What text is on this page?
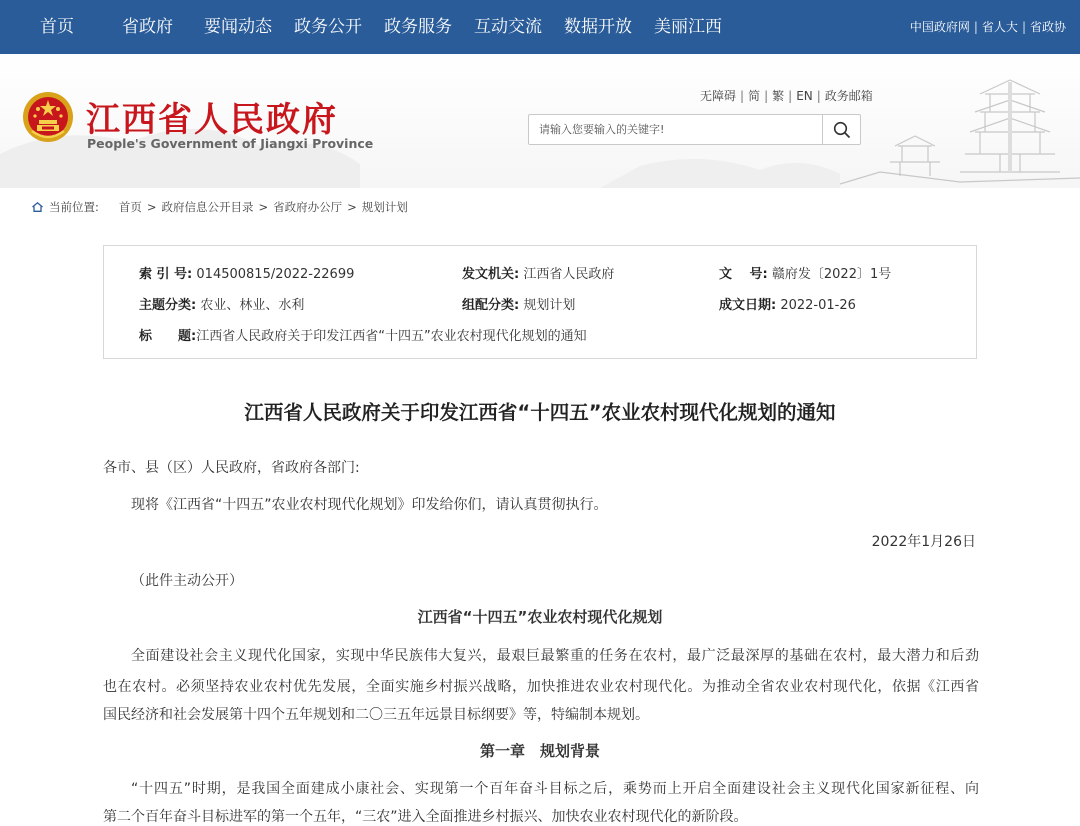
首页	省政府 要闻动态 政务公开 政务服务 互动交流 数据开放 美丽江西	中国政府网 | 省人大 | 省政协
江西省人民政府
People's Government of Jiangxi Province
无障碍 | 简 | 繁 | EN | 政务邮箱
请输入您要输入的关键字!
当前位置: 首页 > 政府信息公开目录 > 省政府办公厅 > 规划计划
索 引 号: 014500815/2022-22699	发文机关: 江西省人民政府	文　 号: 赣府发〔2022〕1号
主题分类: 农业、林业、水利	组配分类: 规划计划	成文日期: 2022-01-26
标　　题:江西省人民政府关于印发江西省“十四五”农业农村现代化规划的通知
江西省人民政府关于印发江西省“十四五”农业农村现代化规划的通知
各市、县（区）人民政府，省政府各部门:
现将《江西省“十四五”农业农村现代化规划》印发给你们，请认真贯彻执行。
2022年1月26日
（此件主动公开）
江西省“十四五”农业农村现代化规划
全面建设社会主义现代化国家，实现中华民族伟大复兴，最艰巨最繁重的任务在农村，最广泛最深厚的基础在农村，最大潜力和后劲
也在农村。必须坚持农业农村优先发展，全面实施乡村振兴战略，加快推进农业农村现代化。为推动全省农业农村现代化，依据《江西省
国民经济和社会发展第十四个五年规划和二〇三五年远景目标纲要》等，特编制本规划。
第一章　规划背景
“十四五”时期，是我国全面建成小康社会、实现第一个百年奋斗目标之后，乘势而上开启全面建设社会主义现代化国家新征程、向
第二个百年奋斗目标进军的第一个五年，“三农”进入全面推进乡村振兴、加快农业农村现代化的新阶段。
